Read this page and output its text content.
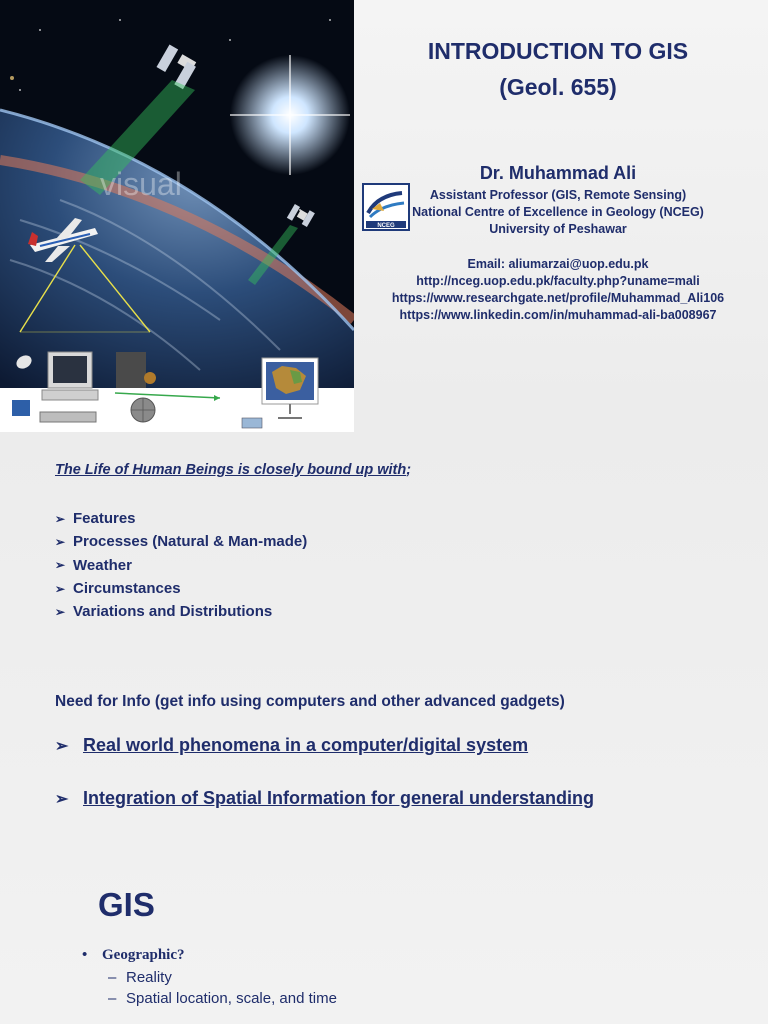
visual
INTRODUCTION TO GIS
(Geol. 655)
Dr. Muhammad Ali
NCEG
Assistant Professor (GIS, Remote Sensing)
National Centre of Excellence in Geology (NCEG)
University of Peshawar
Email: aliumarzai@uop.edu.pk
http://nceg.uop.edu.pk/faculty.php?uname=mali
https://www.researchgate.net/profile/Muhammad_Ali106
https://www.linkedin.com/in/muhammad-ali-ba008967
The Life of Human Beings is closely bound up with;
➢ Features
➢ Processes (Natural & Man-made)
➢ Weather
➢ Circumstances
➢ Variations and Distributions
Need for Info (get info using computers and other advanced gadgets)
➢ Real world phenomena in a computer/digital system
➢ Integration of Spatial Information for general understanding
GIS
• Geographic?
– Reality
– Spatial location, scale, and time
